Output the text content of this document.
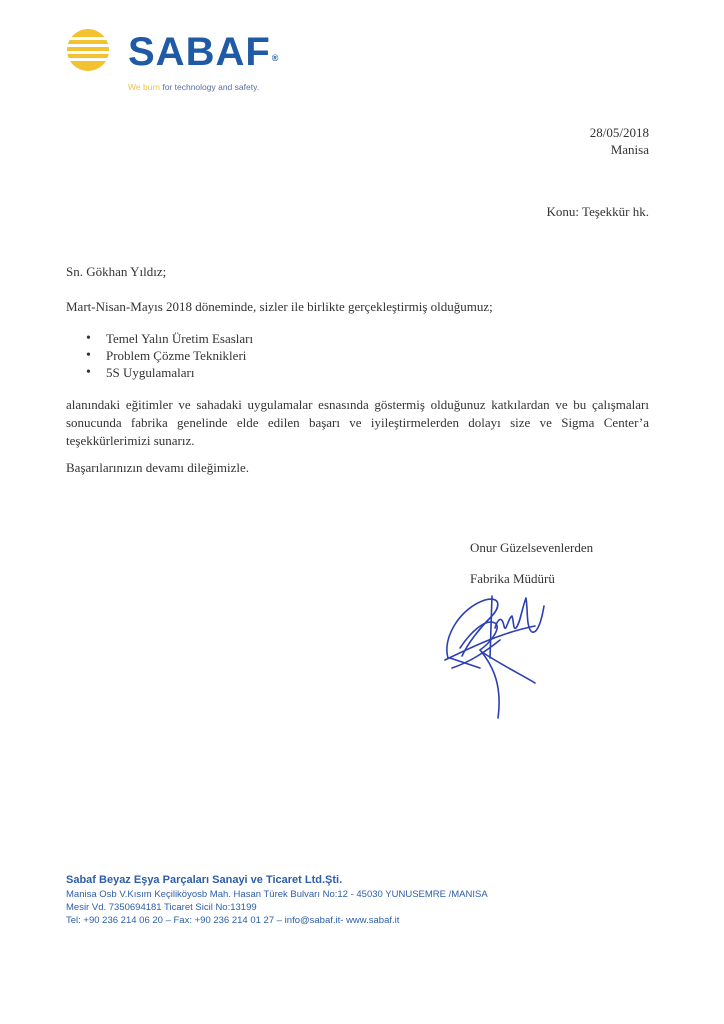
SABAF®
We burn for technology and safety.
28/05/2018
Manisa
Konu: Teşekkür hk.
Sn. Gökhan Yıldız;
Mart-Nisan-Mayıs 2018 döneminde, sizler ile birlikte gerçekleştirmiş olduğumuz;
• Temel Yalın Üretim Esasları
• Problem Çözme Teknikleri
• 5S Uygulamaları
alanındaki eğitimler ve sahadaki uygulamalar esnasında göstermiş olduğunuz katkılardan ve bu çalışmaları sonucunda fabrika genelinde elde edilen başarı ve iyileştirmelerden dolayı size ve Sigma Center’a teşekkürlerimizi sunarız.
Başarılarınızın devamı dileğimizle.
Onur Güzelsevenlerden
Fabrika Müdürü
Sabaf Beyaz Eşya Parçaları Sanayi ve Ticaret Ltd.Şti.
Manisa Osb V.Kısım Keçiliköyosb Mah. Hasan Türek Bulvarı No:12 - 45030 YUNUSEMRE /MANISA
Mesir Vd. 7350694181 Ticaret Sicil No:13199
Tel: +90 236 214 06 20 – Fax: +90 236 214 01 27 – info@sabaf.it- www.sabaf.it
